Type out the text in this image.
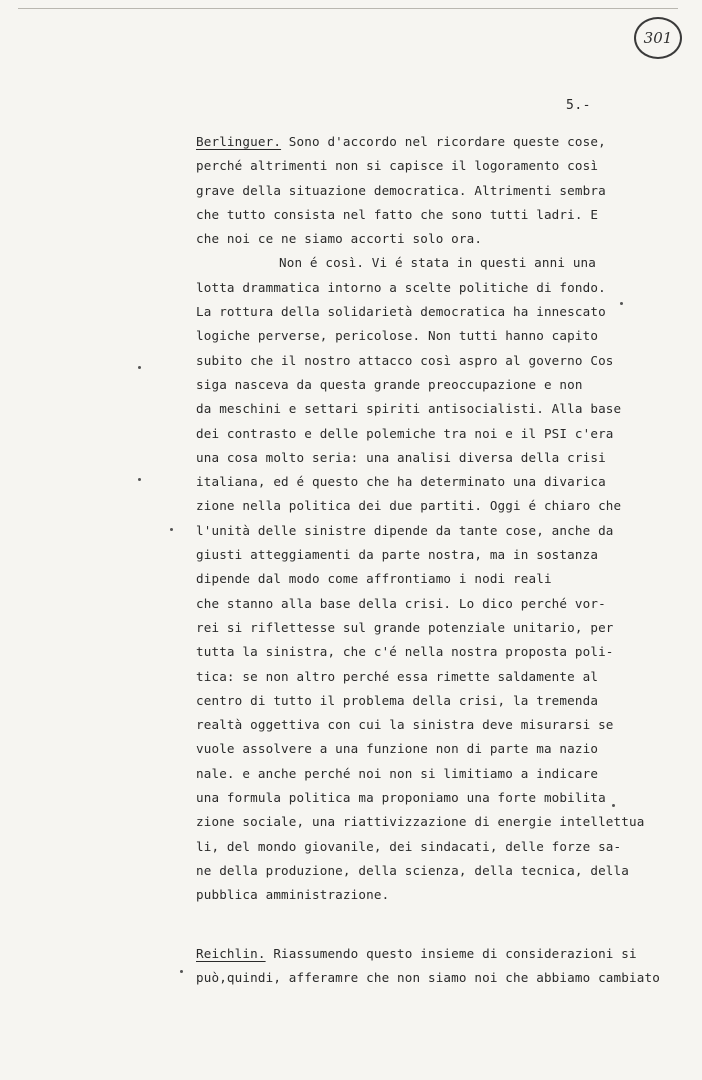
301
5.-
Berlinguer. Sono d'accordo nel ricordare queste cose,
perché altrimenti non si capisce il logoramento così
grave della situazione democratica. Altrimenti sembra
che tutto consista nel fatto che sono tutti ladri. E
che noi ce ne siamo accorti solo ora.
Non é così. Vi é stata in questi anni una
lotta drammatica intorno a scelte politiche di fondo.
La rottura della solidarietà democratica ha innescato
logiche perverse, pericolose. Non tutti hanno capito
subito che il nostro attacco così aspro al governo Cos
siga nasceva da questa grande preoccupazione e non
da meschini e settari spiriti antisocialisti. Alla base
dei contrasto e delle polemiche tra noi e il PSI c'era
una cosa molto seria: una analisi diversa della crisi
italiana, ed é questo che ha determinato una divarica
zione nella politica dei due partiti. Oggi é chiaro che
l'unità delle sinistre dipende da tante cose, anche da
giusti atteggiamenti da parte nostra, ma in sostanza
dipende dal modo come affrontiamo i nodi reali
che stanno alla base della crisi. Lo dico perché vor-
rei si riflettesse sul grande potenziale unitario, per
tutta la sinistra, che c'é nella nostra proposta poli-
tica: se non altro perché essa rimette saldamente al
centro di tutto il problema della crisi, la tremenda
realtà oggettiva con cui la sinistra deve misurarsi se
vuole assolvere a una funzione non di parte ma nazio
nale. e anche perché noi non si limitiamo a indicare
una formula politica ma proponiamo una forte mobilita
zione sociale, una riattivizzazione di energie intellettua
li, del mondo giovanile, dei sindacati, delle forze sa-
ne della produzione, della scienza, della tecnica, della
pubblica amministrazione.
Reichlin. Riassumendo questo insieme di considerazioni si
può,quindi, afferamre che non siamo noi che abbiamo cambiato
